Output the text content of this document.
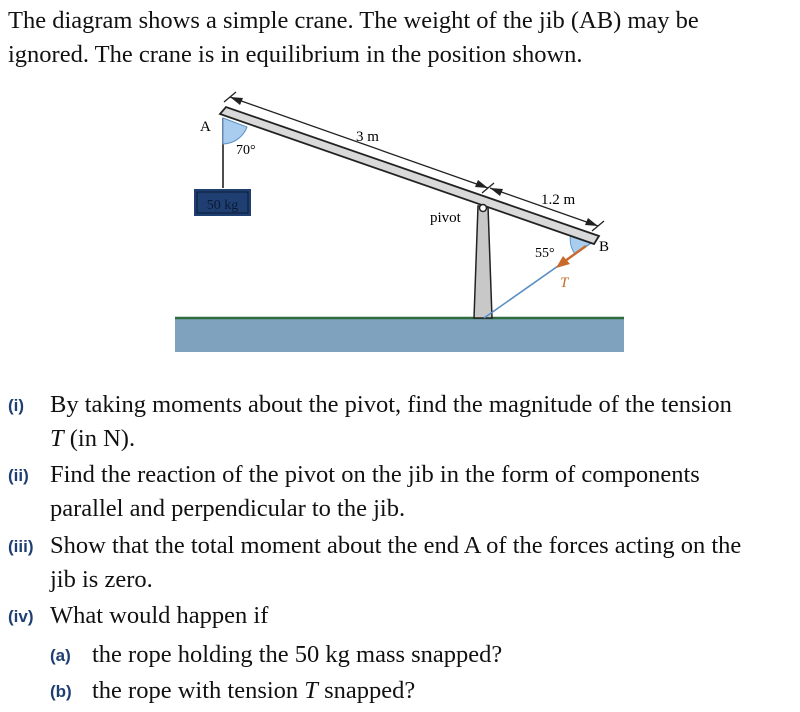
The diagram shows a simple crane. The weight of the jib (AB) may be
ignored. The crane is in equilibrium in the position shown.
50 kg
A
70°
3 m
1.2 m
pivot
55°	B
T
(i) By taking moments about the pivot, find the magnitude of the tension
T (in N).
(ii) Find the reaction of the pivot on the jib in the form of components
parallel and perpendicular to the jib.
(iii) Show that the total moment about the end A of the forces acting on the
jib is zero.
(iv) What would happen if
(a) the rope holding the 50 kg mass snapped?
(b) the rope with tension T snapped?
